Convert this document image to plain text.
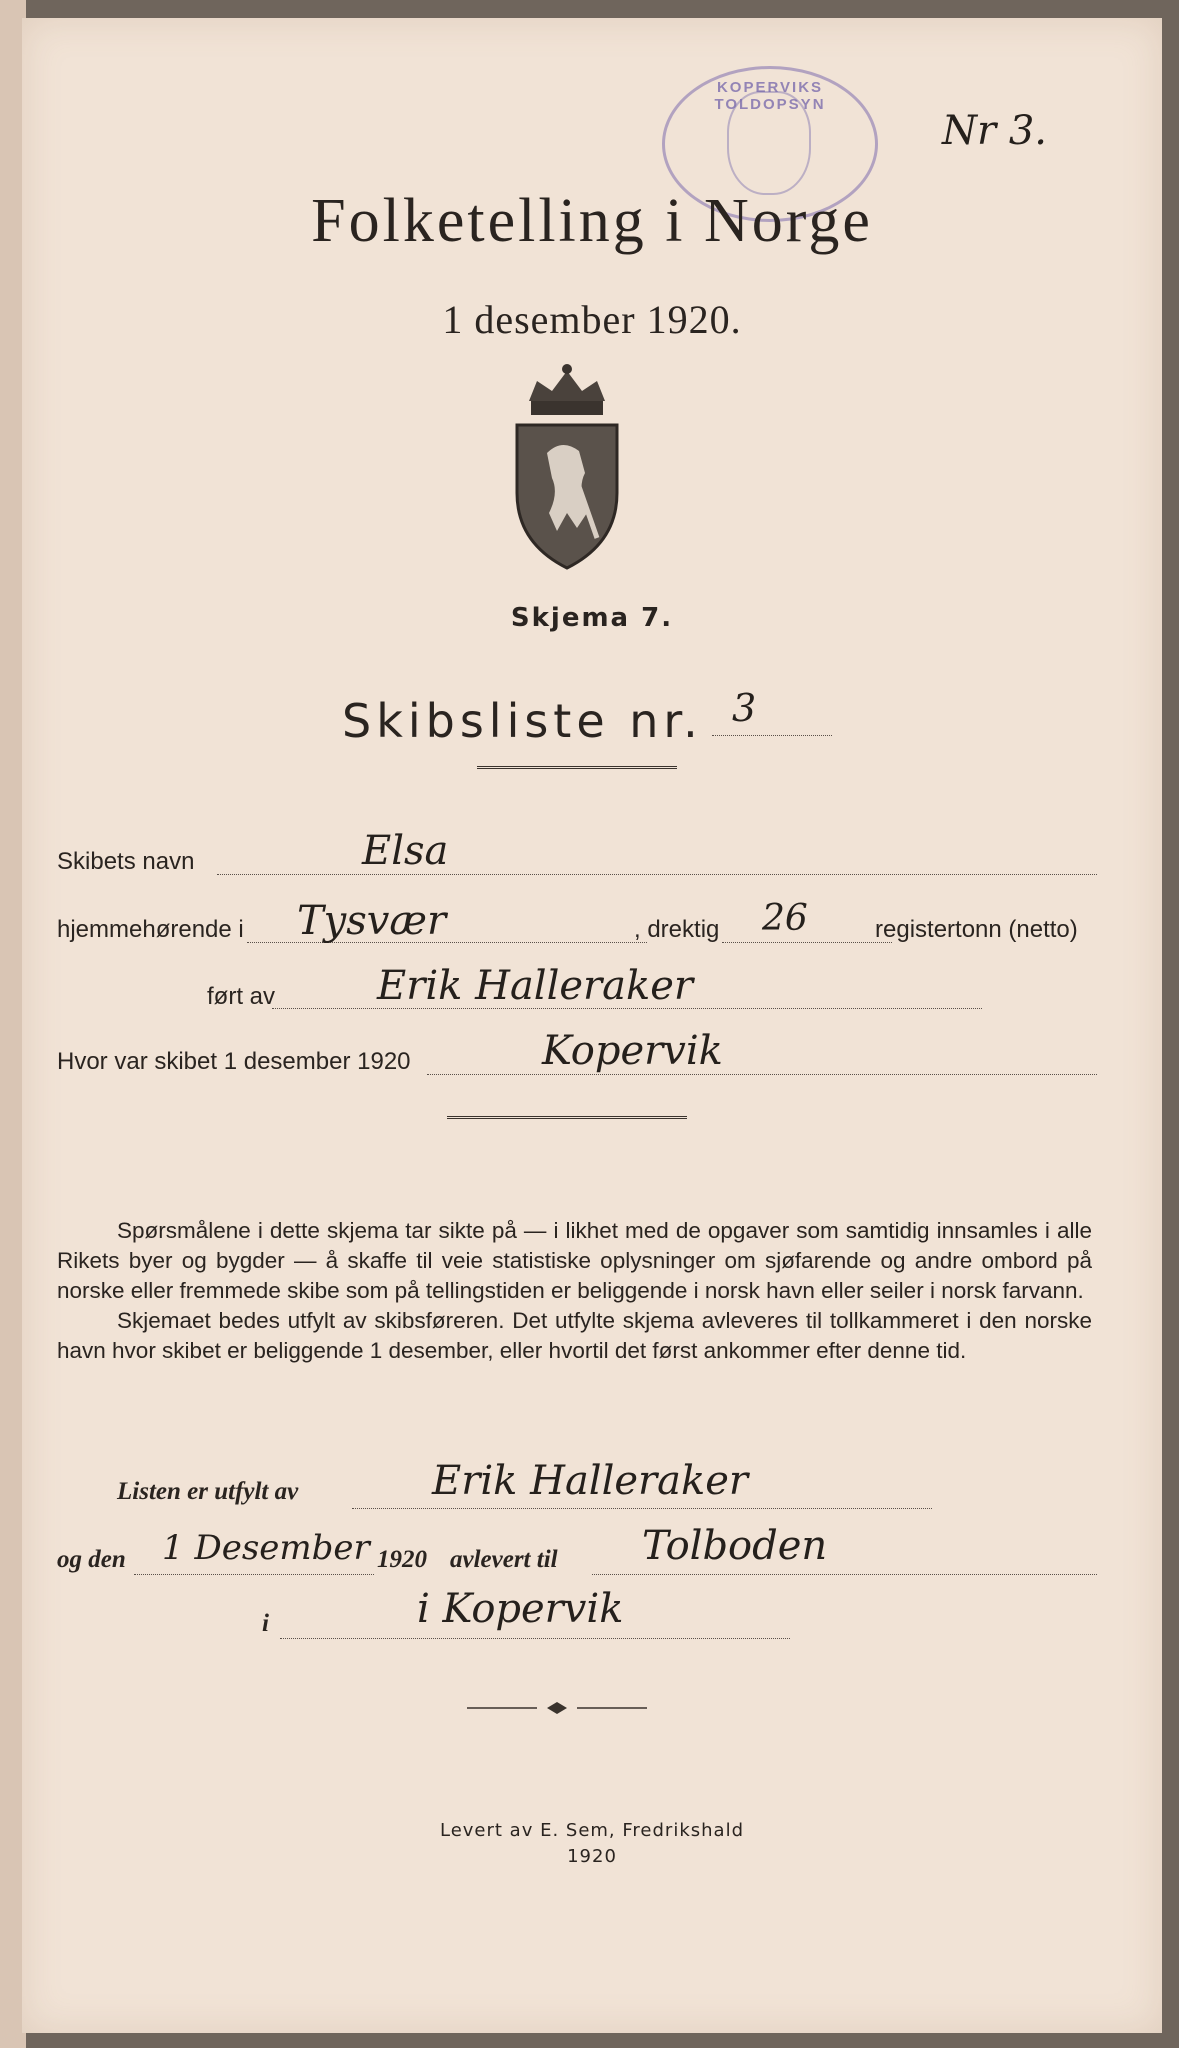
KOPERVIKS TOLDOPSYN
Nr 3.
Folketelling i Norge
1 desember 1920.
Skjema 7.
Skibsliste nr. 3
Skibets navn	Elsa
hjemmehørende i Tysvær	, drektig 26	registertonn (netto)
ført av	Erik Halleraker
Hvor var skibet 1 desember 1920	Kopervik

Spørsmålene i dette skjema tar sikte på — i likhet med de opgaver som samtidig innsamles i alle Rikets byer og bygder — å skaffe til veie statistiske oplysninger om sjøfarende og andre ombord på norske eller fremmede skibe som på tellingstiden er beliggende i norsk havn eller seiler i norsk farvann.

Skjemaet bedes utfylt av skibsføreren. Det utfylte skjema avleveres til tollkammeret i den norske havn hvor skibet er beliggende 1 desember, eller hvortil det først ankommer efter denne tid.

Listen er utfylt av	Erik Halleraker
og den 1 Desember 1920 avlevert til Tolboden
i	i Kopervik
Levert av E. Sem, Fredrikshald
1920
